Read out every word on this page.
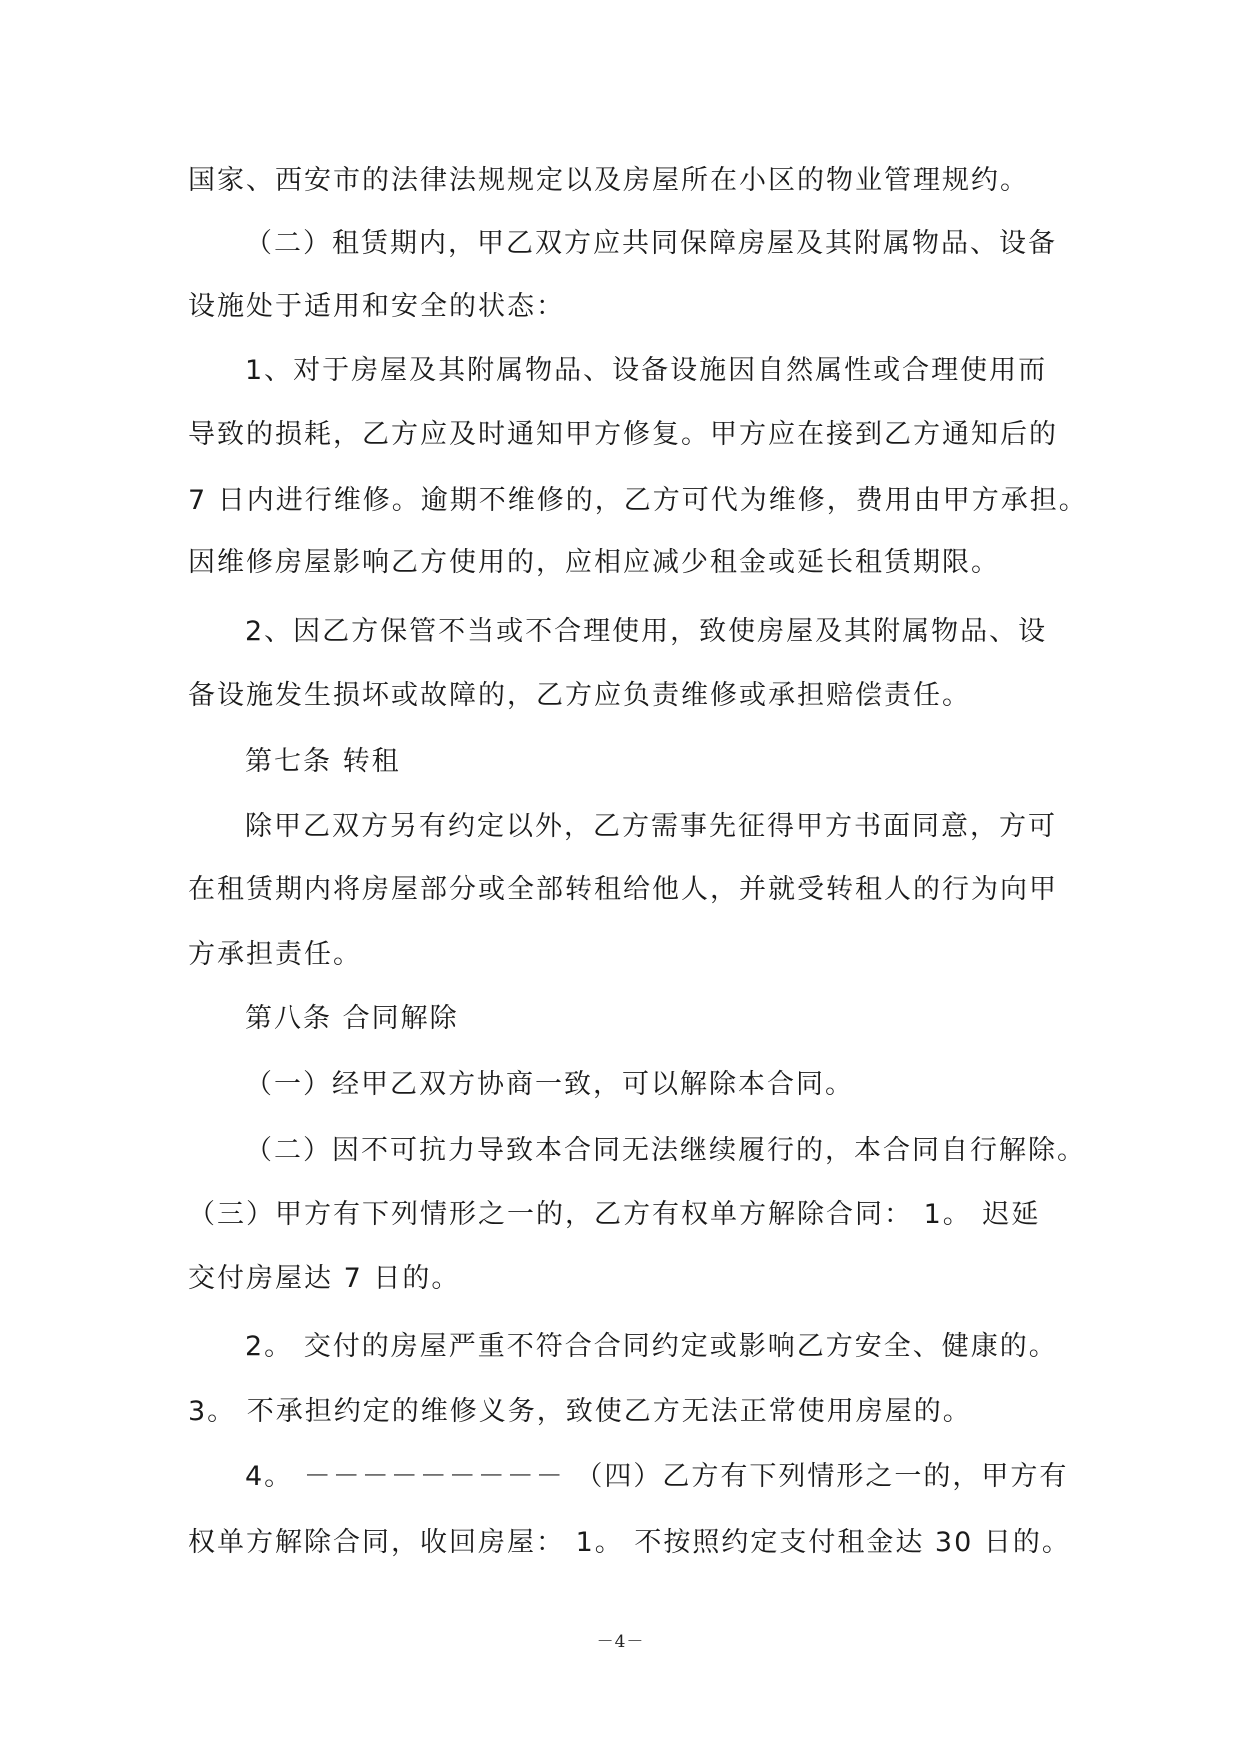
国家、西安市的法律法规规定以及房屋所在小区的物业管理规约。
（二）租赁期内，甲乙双方应共同保障房屋及其附属物品、设备
设施处于适用和安全的状态：
1、对于房屋及其附属物品、设备设施因自然属性或合理使用而
导致的损耗，乙方应及时通知甲方修复。甲方应在接到乙方通知后的
7 日内进行维修。逾期不维修的，乙方可代为维修，费用由甲方承担。
因维修房屋影响乙方使用的，应相应减少租金或延长租赁期限。
2、因乙方保管不当或不合理使用，致使房屋及其附属物品、设
备设施发生损坏或故障的，乙方应负责维修或承担赔偿责任。
第七条 转租
除甲乙双方另有约定以外，乙方需事先征得甲方书面同意，方可
在租赁期内将房屋部分或全部转租给他人，并就受转租人的行为向甲
方承担责任。
第八条 合同解除
（一）经甲乙双方协商一致，可以解除本合同。
（二）因不可抗力导致本合同无法继续履行的，本合同自行解除。
（三）甲方有下列情形之一的，乙方有权单方解除合同： 1。 迟延
交付房屋达 7 日的。
2。 交付的房屋严重不符合合同约定或影响乙方安全、健康的。
3。 不承担约定的维修义务，致使乙方无法正常使用房屋的。
4。 －－－－－－－－－ （四）乙方有下列情形之一的，甲方有
权单方解除合同，收回房屋： 1。 不按照约定支付租金达 30 日的。
－4－
